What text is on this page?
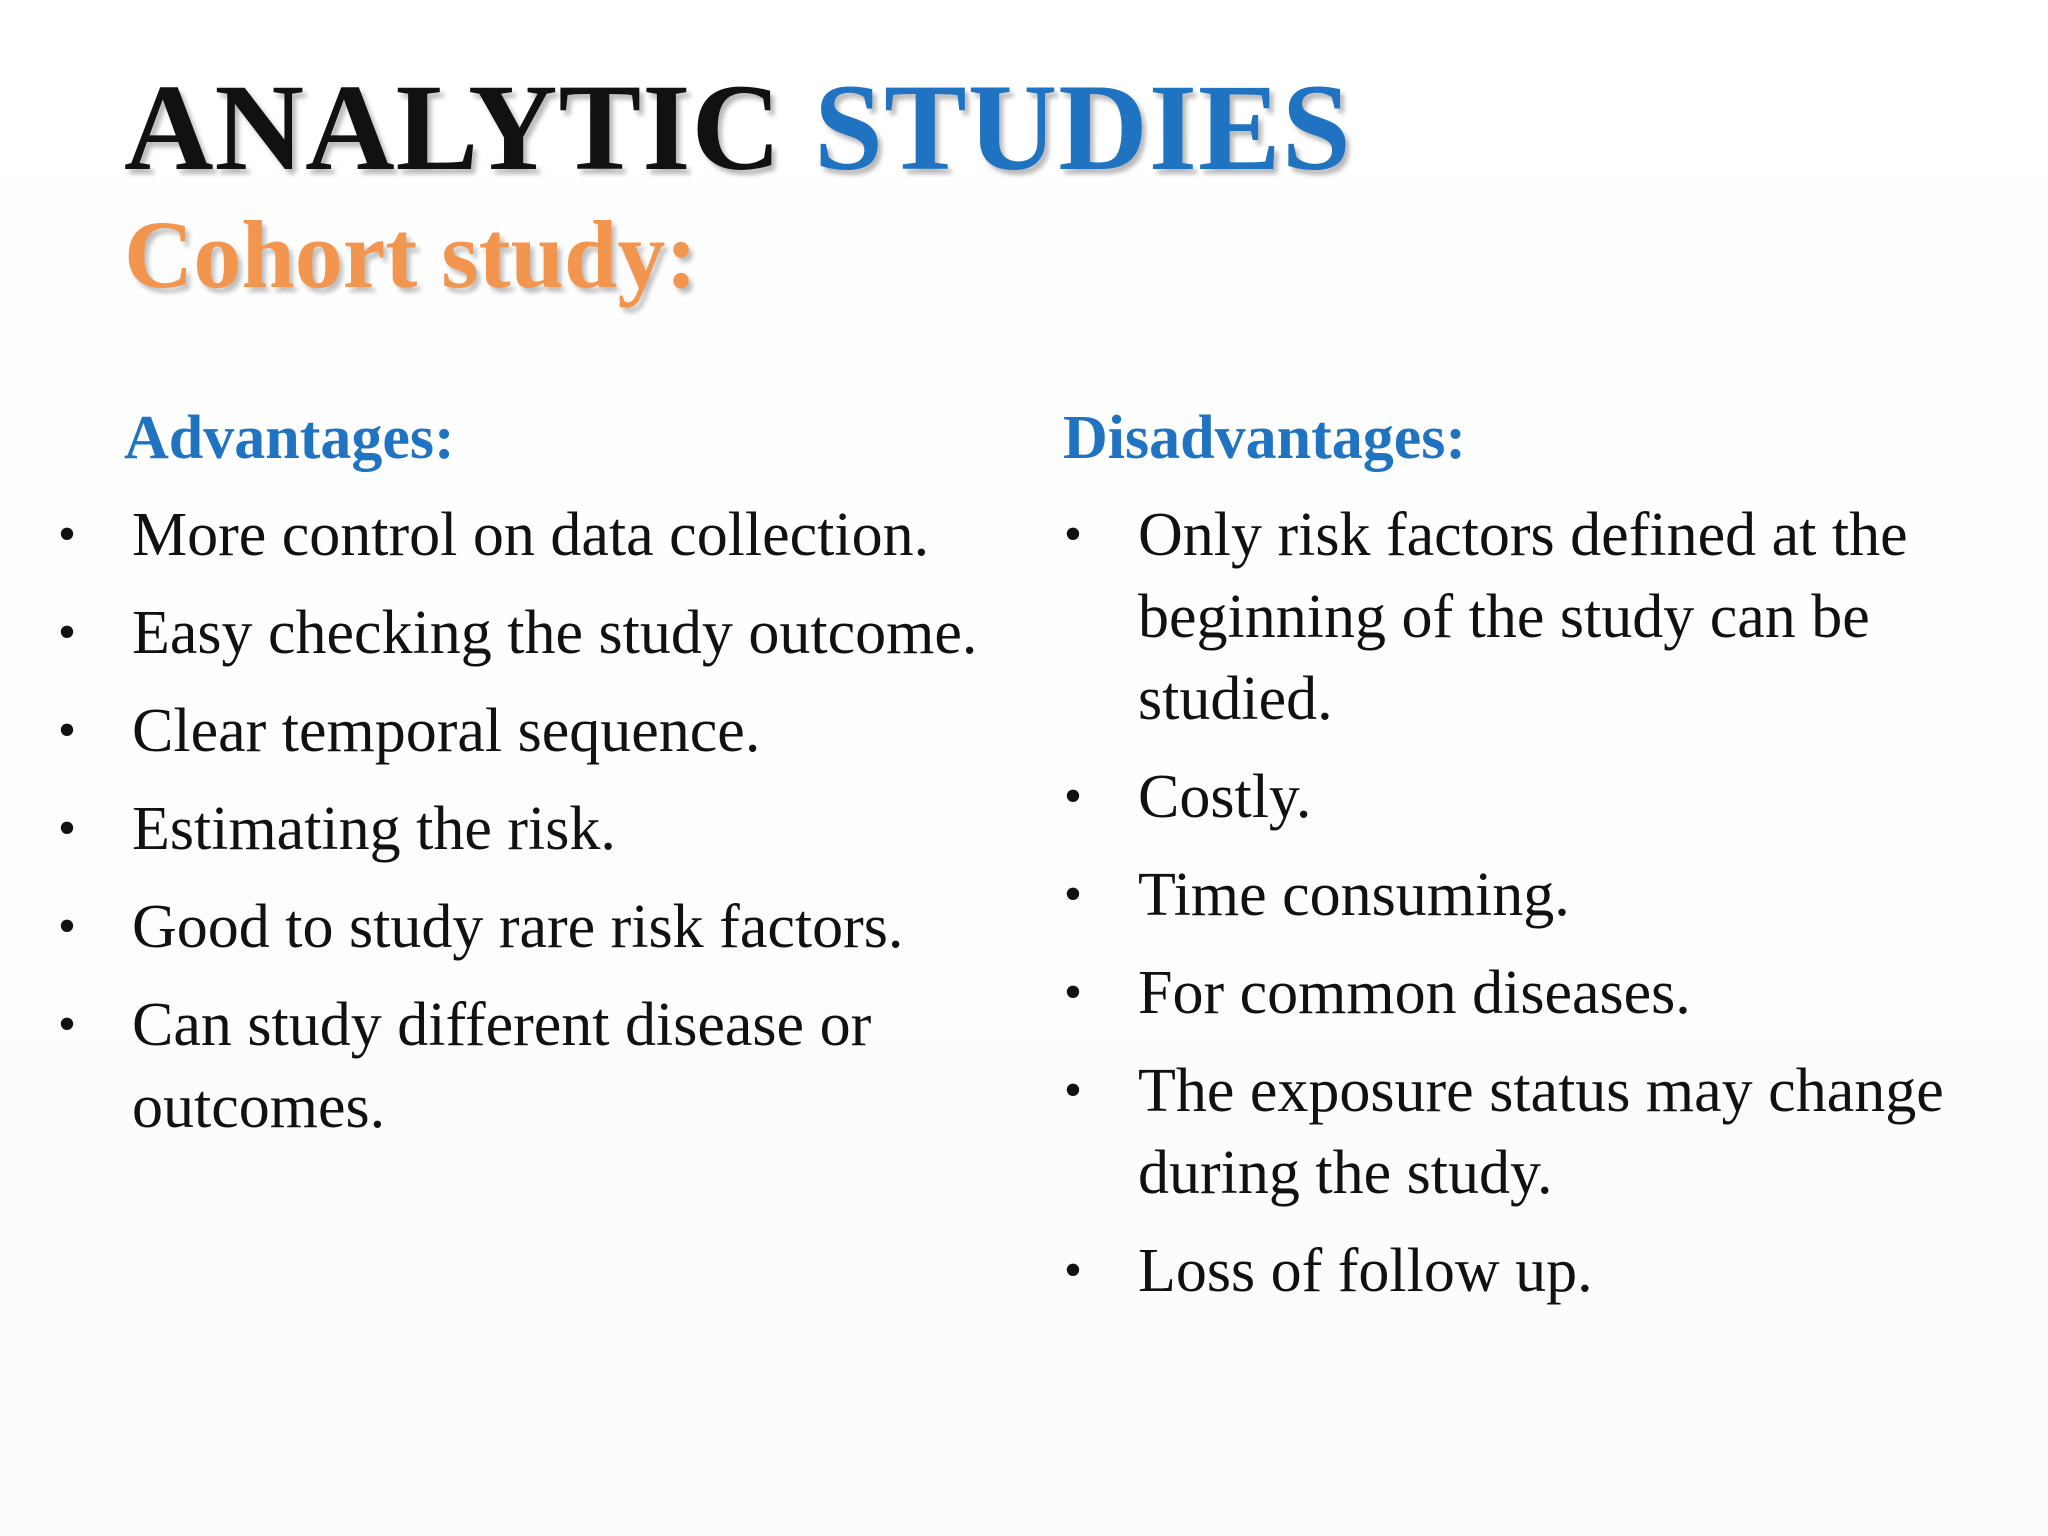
ANALYTIC STUDIES
Cohort study:
Advantages:
• More control on data collection.
• Easy checking the study outcome.
• Clear temporal sequence.
• Estimating the risk.
• Good to study rare risk factors.
• Can study different disease or outcomes.
Disadvantages:
• Only risk factors defined at the beginning of the study can be studied.
• Costly.
• Time consuming.
• For common diseases.
• The exposure status may change during the study.
• Loss of follow up.
